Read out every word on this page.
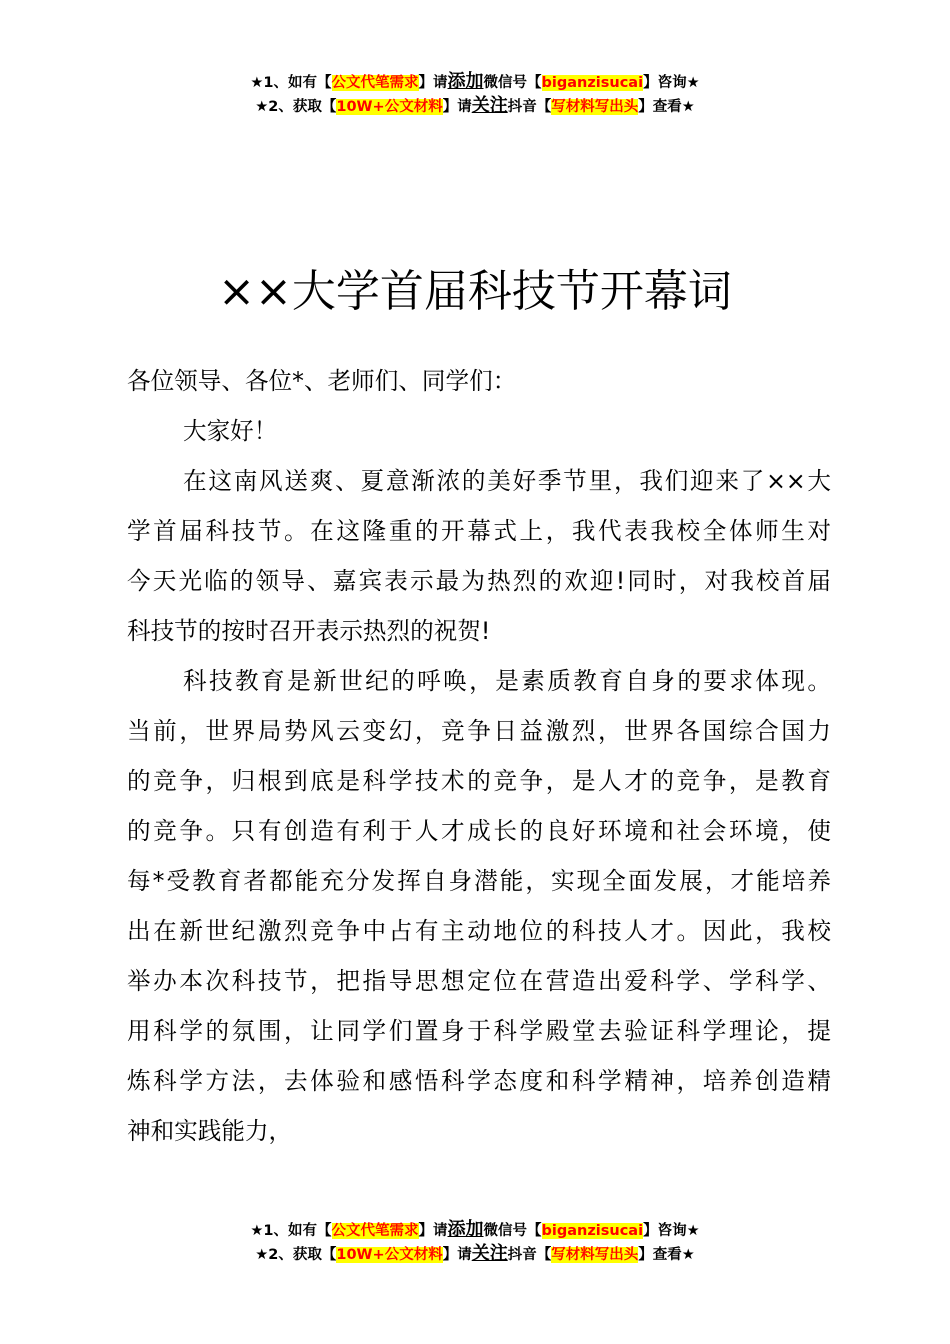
★1、如有【公文代笔需求】请添加微信号【biganzisucai】咨询★
★2、获取【10W+公文材料】请关注抖音【写材料写出头】查看★
××大学首届科技节开幕词

各位领导、各位*、老师们、同学们：

大家好！

在这南风送爽、夏意渐浓的美好季节里，我们迎来了××大
学首届科技节。在这隆重的开幕式上，我代表我校全体师生对
今天光临的领导、嘉宾表示最为热烈的欢迎!同时，对我校首届
科技节的按时召开表示热烈的祝贺!
科技教育是新世纪的呼唤，是素质教育自身的要求体现。
当前，世界局势风云变幻，竞争日益激烈，世界各国综合国力
的竞争，归根到底是科学技术的竞争，是人才的竞争，是教育
的竞争。只有创造有利于人才成长的良好环境和社会环境，使
每*受教育者都能充分发挥自身潜能，实现全面发展，才能培养
出在新世纪激烈竞争中占有主动地位的科技人才。因此，我校
举办本次科技节，把指导思想定位在营造出爱科学、学科学、
用科学的氛围，让同学们置身于科学殿堂去验证科学理论，提
炼科学方法，去体验和感悟科学态度和科学精神，培养创造精
神和实践能力，
★1、如有【公文代笔需求】请添加微信号【biganzisucai】咨询★
★2、获取【10W+公文材料】请关注抖音【写材料写出头】查看★
